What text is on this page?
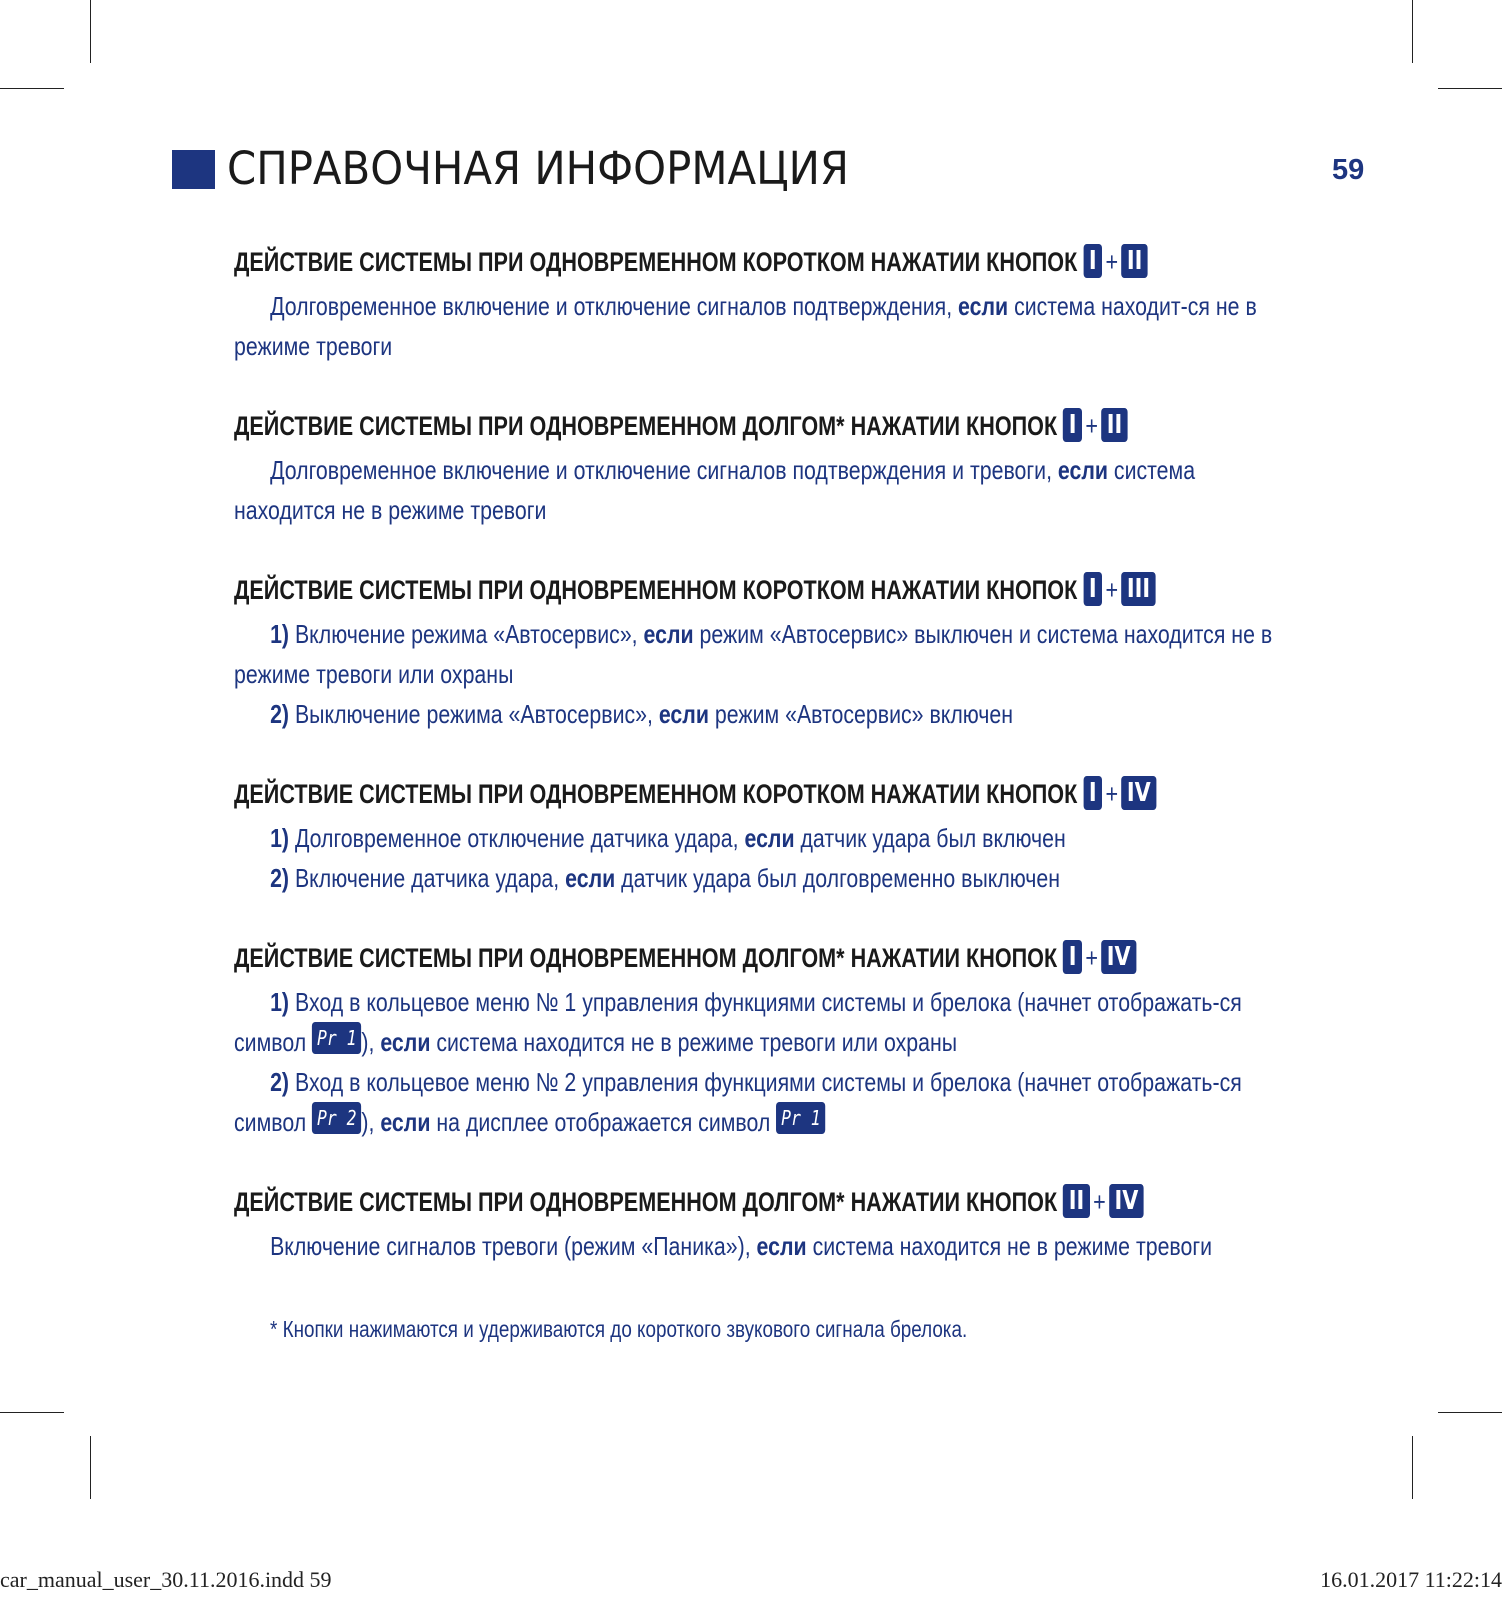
СПРАВОЧНАЯ ИНФОРМАЦИЯ	59
ДЕЙСТВИЕ СИСТЕМЫ ПРИ ОДНОВРЕМЕННОМ КОРОТКОМ НАЖАТИИ КНОПОК I + II
Долговременное включение и отключение сигналов подтверждения, если система находит-ся не в режиме тревоги
ДЕЙСТВИЕ СИСТЕМЫ ПРИ ОДНОВРЕМЕННОМ ДОЛГОМ* НАЖАТИИ КНОПОК I + II
Долговременное включение и отключение сигналов подтверждения и тревоги, если система находится не в режиме тревоги
ДЕЙСТВИЕ СИСТЕМЫ ПРИ ОДНОВРЕМЕННОМ КОРОТКОМ НАЖАТИИ КНОПОК I + III
1) Включение режима «Автосервис», если режим «Автосервис» выключен и система находится не в режиме тревоги или охраны
2) Выключение режима «Автосервис», если режим «Автосервис» включен
ДЕЙСТВИЕ СИСТЕМЫ ПРИ ОДНОВРЕМЕННОМ КОРОТКОМ НАЖАТИИ КНОПОК I + IV
1) Долговременное отключение датчика удара, если датчик удара был включен
2) Включение датчика удара, если датчик удара был долговременно выключен
ДЕЙСТВИЕ СИСТЕМЫ ПРИ ОДНОВРЕМЕННОМ ДОЛГОМ* НАЖАТИИ КНОПОК I + IV
1) Вход в кольцевое меню № 1 управления функциями системы и брелока (начнет отображать-ся символ Pr 1 ), если система находится не в режиме тревоги или охраны
2) Вход в кольцевое меню № 2 управления функциями системы и брелока (начнет отображать-ся символ Pr 2 ), если на дисплее отображается символ Pr 1
ДЕЙСТВИЕ СИСТЕМЫ ПРИ ОДНОВРЕМЕННОМ ДОЛГОМ* НАЖАТИИ КНОПОК II + IV
Включение сигналов тревоги (режим «Паника»), если система находится не в режиме тревоги
* Кнопки нажимаются и удерживаются до короткого звукового сигнала брелока.
car_manual_user_30.11.2016.indd 59	16.01.2017 11:22:14
